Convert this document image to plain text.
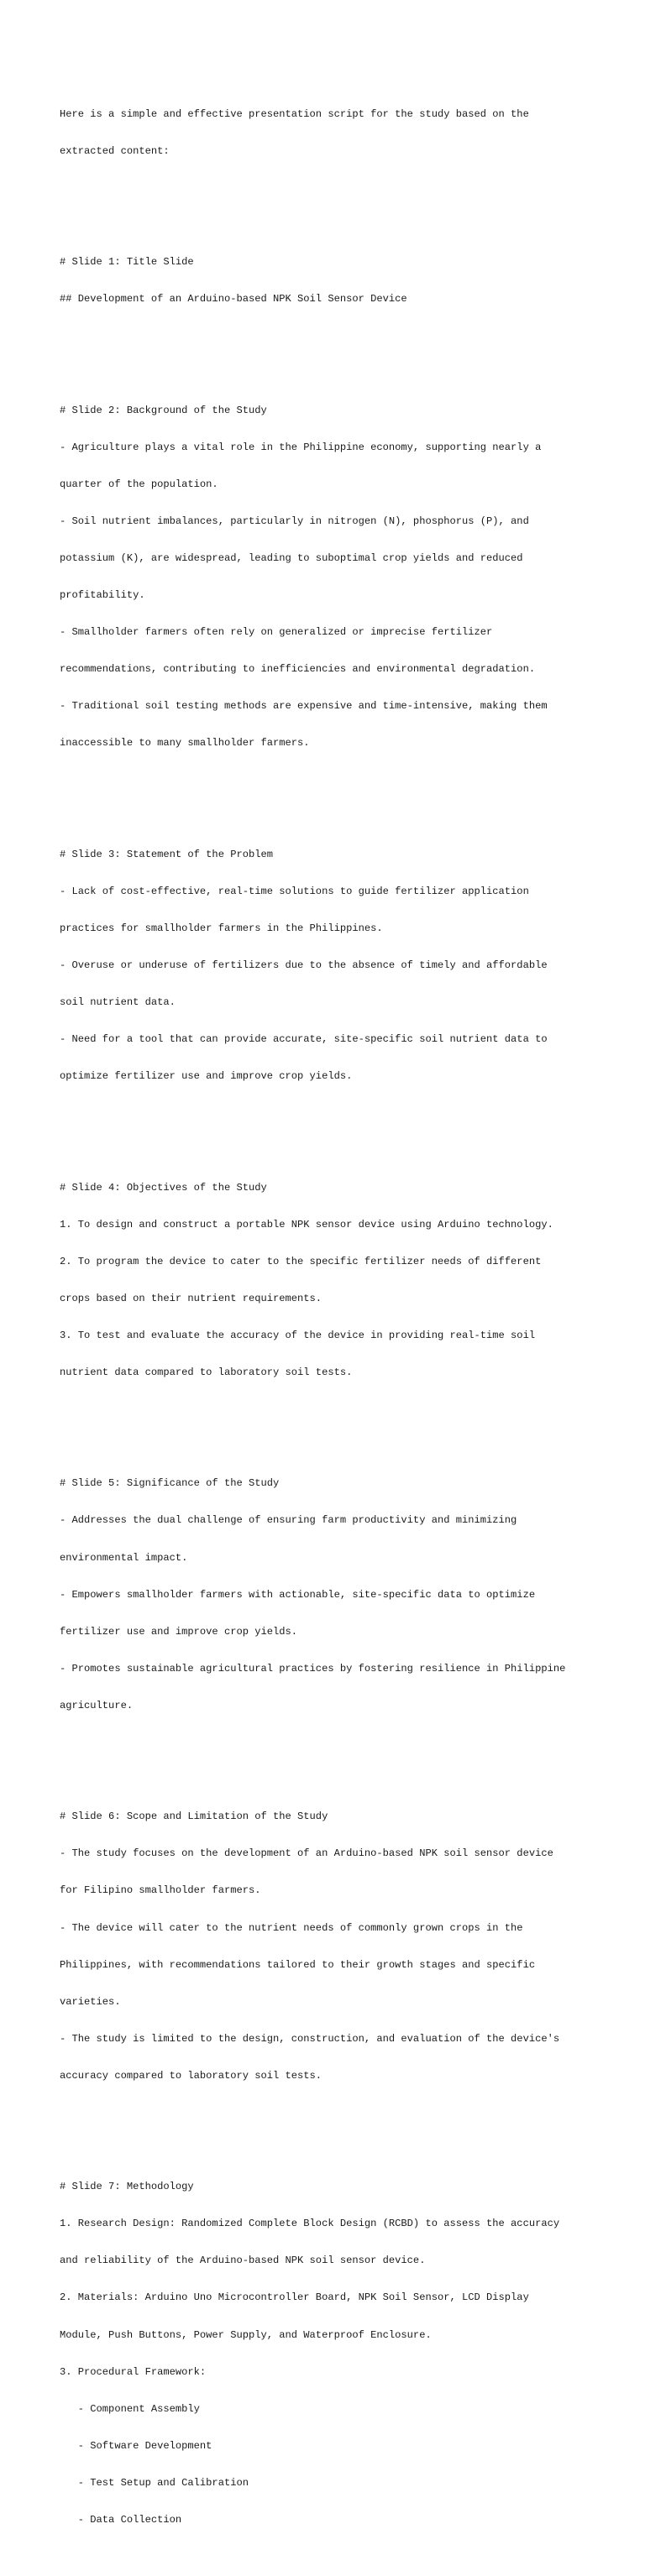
Here is a simple and effective presentation script for the study based on the

extracted content:

# Slide 1: Title Slide

## Development of an Arduino-based NPK Soil Sensor Device

# Slide 2: Background of the Study

- Agriculture plays a vital role in the Philippine economy, supporting nearly a

quarter of the population.

- Soil nutrient imbalances, particularly in nitrogen (N), phosphorus (P), and

potassium (K), are widespread, leading to suboptimal crop yields and reduced

profitability.

- Smallholder farmers often rely on generalized or imprecise fertilizer

recommendations, contributing to inefficiencies and environmental degradation.

- Traditional soil testing methods are expensive and time-intensive, making them

inaccessible to many smallholder farmers.

# Slide 3: Statement of the Problem

- Lack of cost-effective, real-time solutions to guide fertilizer application

practices for smallholder farmers in the Philippines.

- Overuse or underuse of fertilizers due to the absence of timely and affordable

soil nutrient data.

- Need for a tool that can provide accurate, site-specific soil nutrient data to

optimize fertilizer use and improve crop yields.

# Slide 4: Objectives of the Study

1. To design and construct a portable NPK sensor device using Arduino technology.

2. To program the device to cater to the specific fertilizer needs of different

crops based on their nutrient requirements.

3. To test and evaluate the accuracy of the device in providing real-time soil

nutrient data compared to laboratory soil tests.

# Slide 5: Significance of the Study

- Addresses the dual challenge of ensuring farm productivity and minimizing

environmental impact.

- Empowers smallholder farmers with actionable, site-specific data to optimize

fertilizer use and improve crop yields.

- Promotes sustainable agricultural practices by fostering resilience in Philippine

agriculture.

# Slide 6: Scope and Limitation of the Study

- The study focuses on the development of an Arduino-based NPK soil sensor device

for Filipino smallholder farmers.

- The device will cater to the nutrient needs of commonly grown crops in the

Philippines, with recommendations tailored to their growth stages and specific

varieties.

- The study is limited to the design, construction, and evaluation of the device's

accuracy compared to laboratory soil tests.

# Slide 7: Methodology

1. Research Design: Randomized Complete Block Design (RCBD) to assess the accuracy

and reliability of the Arduino-based NPK soil sensor device.

2. Materials: Arduino Uno Microcontroller Board, NPK Soil Sensor, LCD Display

Module, Push Buttons, Power Supply, and Waterproof Enclosure.

3. Procedural Framework:

- Component Assembly

- Software Development

- Test Setup and Calibration

- Data Collection
